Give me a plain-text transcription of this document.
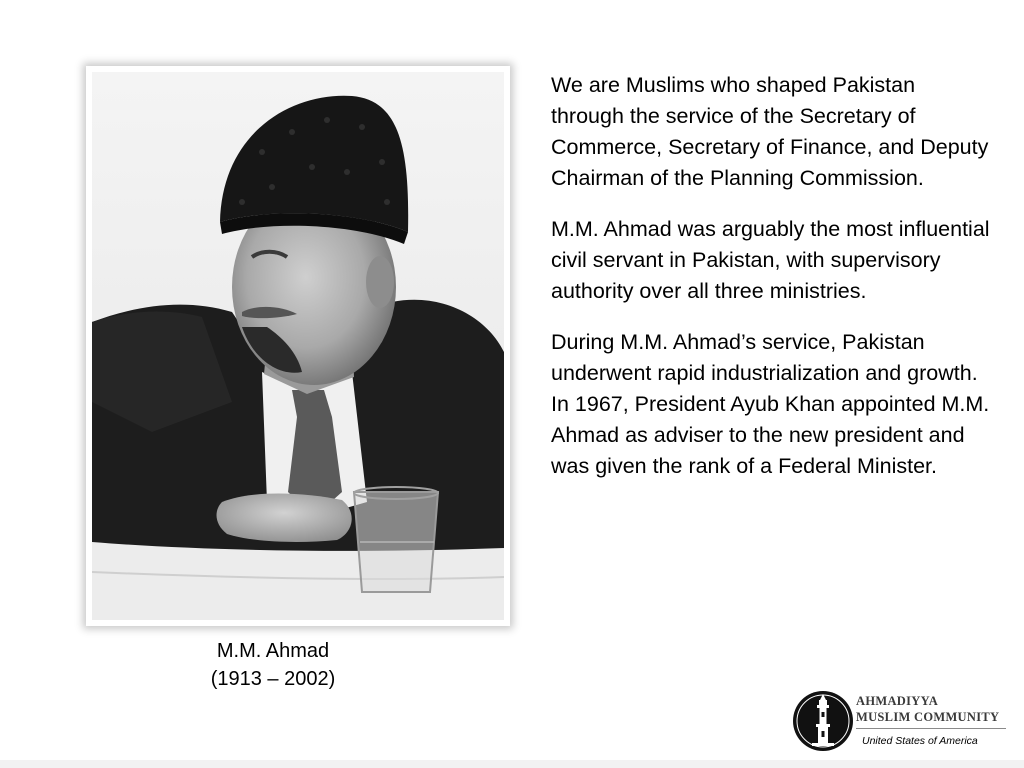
M.M. Ahmad
(1913 – 2002)

We are Muslims who shaped Pakistan through the service of the Secretary of Commerce, Secretary of Finance, and Deputy Chairman of the Planning Commission.

M.M. Ahmad was arguably the most influential civil servant in Pakistan, with supervisory authority over all three ministries.

During M.M. Ahmad’s service, Pakistan underwent rapid industrialization and growth. In 1967, President Ayub Khan appointed M.M. Ahmad as adviser to the new president and was given the rank of a Federal Minister.

AHMADIYYA
MUSLIM COMMUNITY
United States of America
